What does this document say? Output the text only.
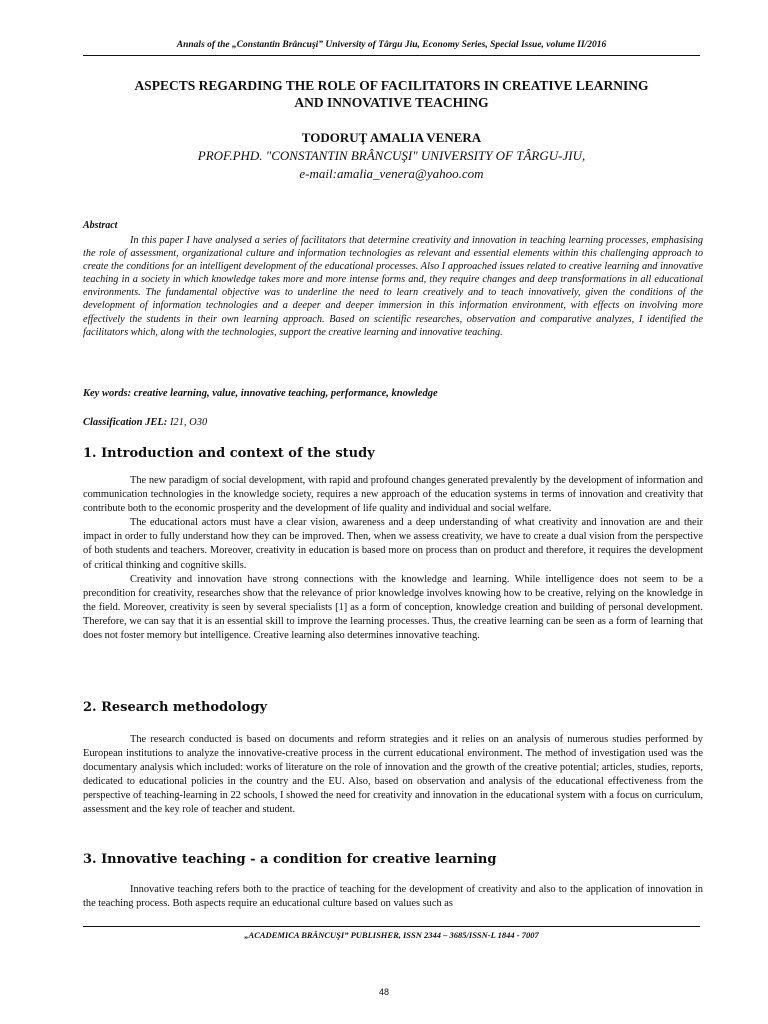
Annals of the „Constantin Brâncuşi” University of Târgu Jiu, Economy Series, Special Issue, volume II/2016
ASPECTS REGARDING THE ROLE OF FACILITATORS IN CREATIVE LEARNING
AND INNOVATIVE TEACHING
TODORUŢ AMALIA VENERA
PROF.PHD. "CONSTANTIN BRÂNCUŞI" UNIVERSITY OF TÂRGU-JIU,
e-mail:amalia_venera@yahoo.com
Abstract
In this paper I have analysed a series of facilitators that determine creativity and innovation in teaching learning processes, emphasising the role of assessment, organizational culture and information technologies as relevant and essential elements within this challenging approach to create the conditions for an intelligent development of the educational processes. Also I approached issues related to creative learning and innovative teaching in a society in which knowledge takes more and more intense forms and, they require changes and deep transformations in all educational environments. The fundamental objective was to underline the need to learn creatively and to teach innovatively, given the conditions of the development of information technologies and a deeper and deeper immersion in this information environment, with effects on involving more effectively the students in their own learning approach. Based on scientific researches, observation and comparative analyzes, I identified the facilitators which, along with the technologies, support the creative learning and innovative teaching.
Key words: creative learning, value, innovative teaching, performance, knowledge
Classification JEL: I21, O30
1. Introduction and context of the study

The new paradigm of social development, with rapid and profound changes generated prevalently by the development of information and communication technologies in the knowledge society, requires a new approach of the education systems in terms of innovation and creativity that contribute both to the economic prosperity and the development of life quality and individual and social welfare.

The educational actors must have a clear vision, awareness and a deep understanding of what creativity and innovation are and their impact in order to fully understand how they can be improved. Then, when we assess creativity, we have to create a dual vision from the perspective of both students and teachers. Moreover, creativity in education is based more on process than on product and therefore, it requires the development of critical thinking and cognitive skills.

Creativity and innovation have strong connections with the knowledge and learning. While intelligence does not seem to be a precondition for creativity, researches show that the relevance of prior knowledge involves knowing how to be creative, relying on the knowledge in the field. Moreover, creativity is seen by several specialists [1] as a form of conception, knowledge creation and building of personal development. Therefore, we can say that it is an essential skill to improve the learning processes. Thus, the creative learning can be seen as a form of learning that does not foster memory but intelligence. Creative learning also determines innovative teaching.

2. Research methodology

The research conducted is based on documents and reform strategies and it relies on an analysis of numerous studies performed by European institutions to analyze the innovative-creative process in the current educational environment. The method of investigation used was the documentary analysis which included: works of literature on the role of innovation and the growth of the creative potential; articles, studies, reports, dedicated to educational policies in the country and the EU. Also, based on observation and analysis of the educational effectiveness from the perspective of teaching-learning in 22 schools, I showed the need for creativity and innovation in the educational system with a focus on curriculum, assessment and the key role of teacher and student.

3. Innovative teaching - a condition for creative learning

Innovative teaching refers both to the practice of teaching for the development of creativity and also to the application of innovation in the teaching process. Both aspects require an educational culture based on values such as

„ACADEMICA BRÂNCUŞI” PUBLISHER, ISSN 2344 – 3685/ISSN-L 1844 - 7007
48
